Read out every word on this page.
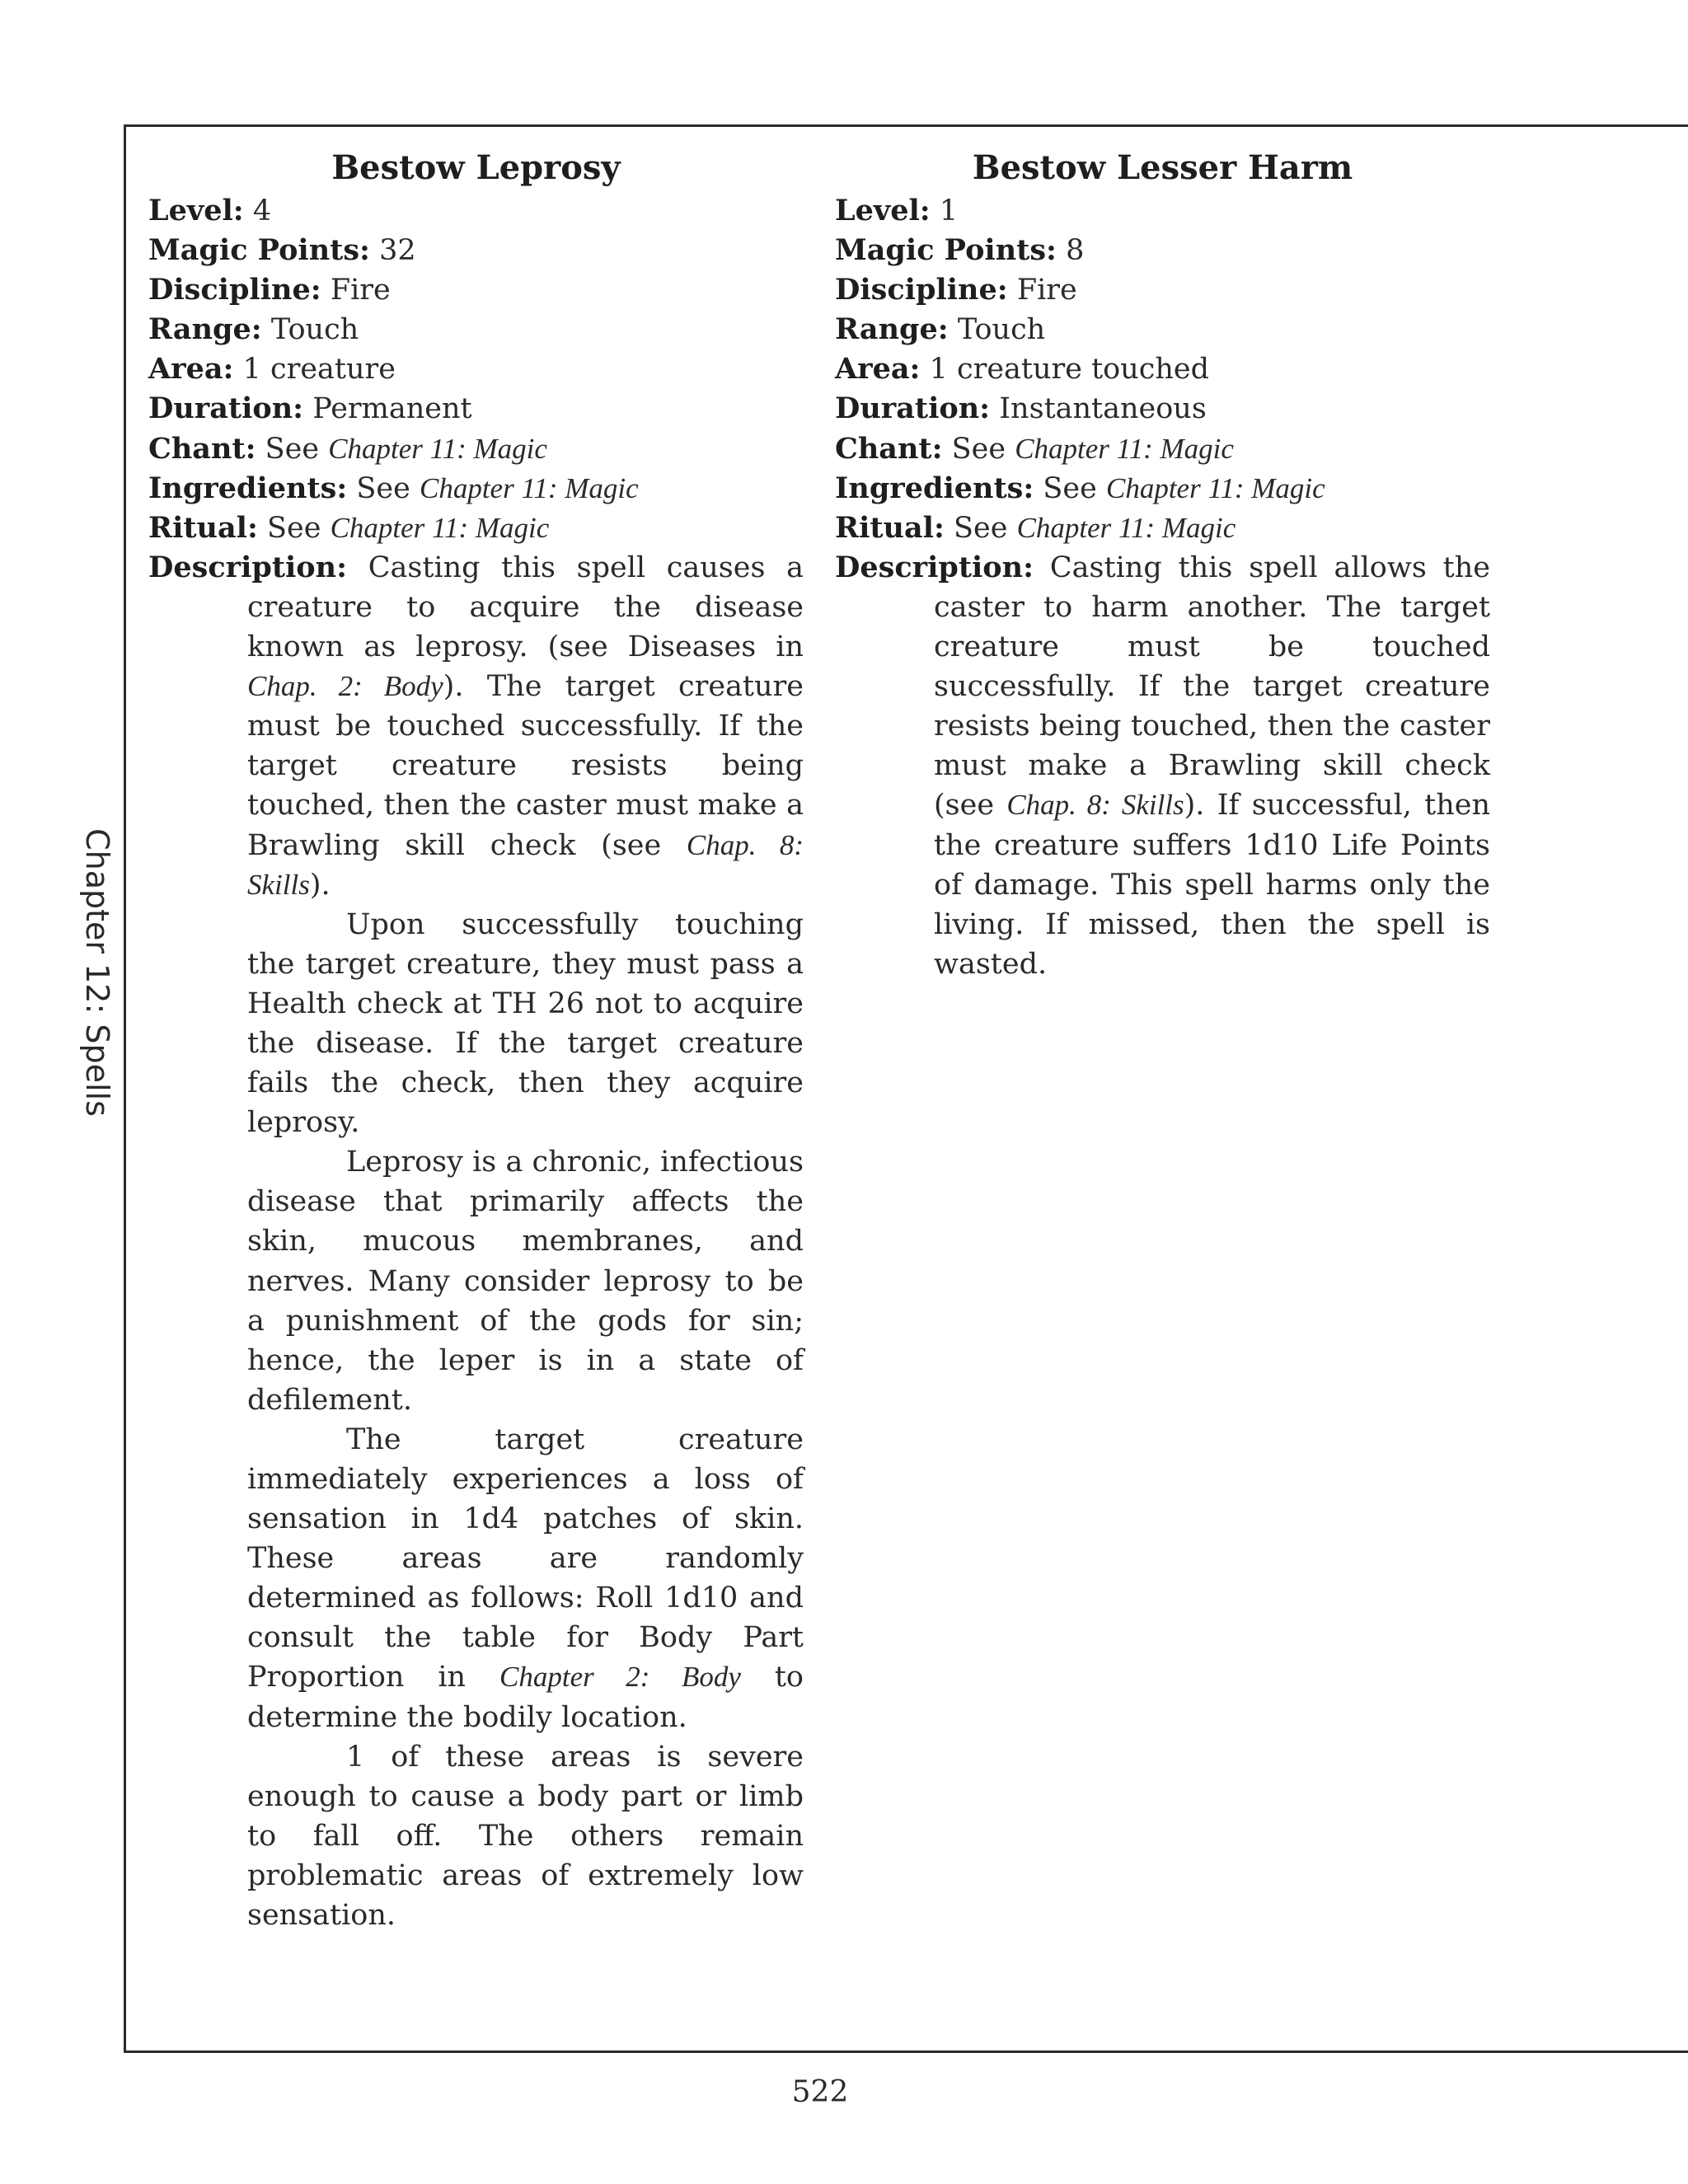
Chapter 12: Spells
Bestow Leprosy
Level: 4
Magic Points: 32
Discipline: Fire
Range: Touch
Area: 1 creature
Duration: Permanent
Chant: See Chapter 11: Magic
Ingredients: See Chapter 11: Magic
Ritual: See Chapter 11: Magic
Description: Casting this spell causes a creature to acquire the disease known as leprosy. (see Diseases in Chap. 2: Body). The target creature must be touched successfully. If the target creature resists being touched, then the caster must make a Brawling skill check (see Chap. 8: Skills).
Upon successfully touching the target creature, they must pass a Health check at TH 26 not to acquire the disease. If the target creature fails the check, then they acquire leprosy.
Leprosy is a chronic, infectious disease that primarily affects the skin, mucous membranes, and nerves. Many consider leprosy to be a punishment of the gods for sin; hence, the leper is in a state of defilement.
The target creature immediately experiences a loss of sensation in 1d4 patches of skin. These areas are randomly determined as follows: Roll 1d10 and consult the table for Body Part Proportion in Chapter 2: Body to determine the bodily location.
1 of these areas is severe enough to cause a body part or limb to fall off. The others remain problematic areas of extremely low sensation.
Bestow Lesser Harm
Level: 1
Magic Points: 8
Discipline: Fire
Range: Touch
Area: 1 creature touched
Duration: Instantaneous
Chant: See Chapter 11: Magic
Ingredients: See Chapter 11: Magic
Ritual: See Chapter 11: Magic
Description: Casting this spell allows the caster to harm another. The target creature must be touched successfully. If the target creature resists being touched, then the caster must make a Brawling skill check (see Chap. 8: Skills). If successful, then the creature suffers 1d10 Life Points of damage. This spell harms only the living. If missed, then the spell is wasted.
522
